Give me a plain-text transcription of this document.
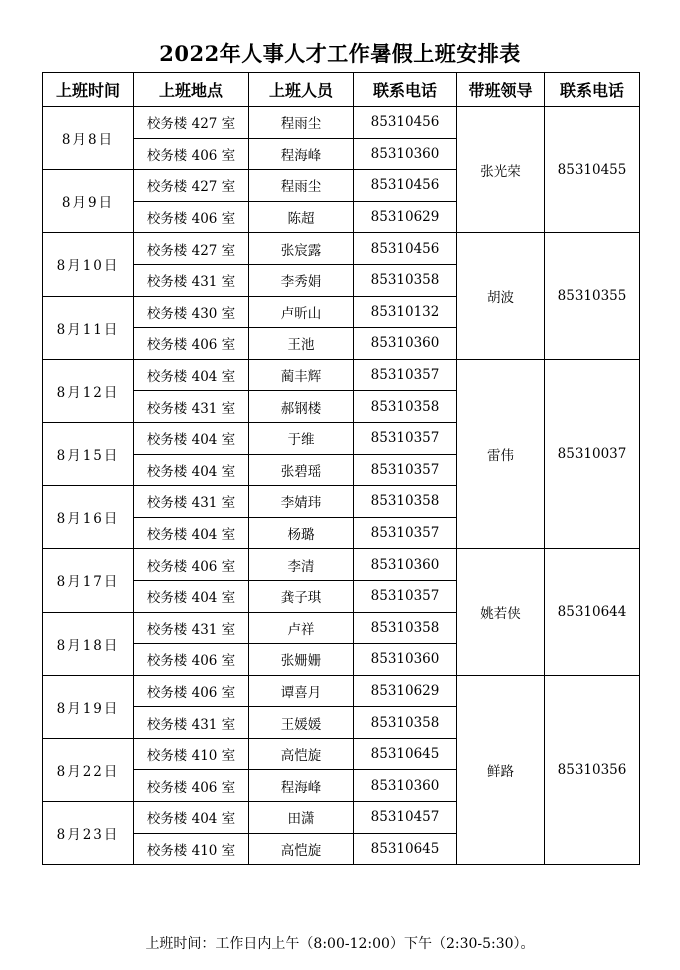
2022年人事人才工作暑假上班安排表
上班时间	上班地点	上班人员	联系电话	带班领导	联系电话
8月8日	校务楼 427 室	程雨尘	85310456	张光荣	85310455
	校务楼 406 室	程海峰	85310360		
8月9日	校务楼 427 室	程雨尘	85310456		
	校务楼 406 室	陈超	85310629		
8月10日	校务楼 427 室	张宸露	85310456	胡波	85310355
	校务楼 431 室	李秀娟	85310358		
8月11日	校务楼 430 室	卢昕山	85310132		
	校务楼 406 室	王池	85310360		
8月12日	校务楼 404 室	蔺丰辉	85310357	雷伟	85310037
	校务楼 431 室	郝钢楼	85310358		
8月15日	校务楼 404 室	于维	85310357		
	校务楼 404 室	张碧瑶	85310357		
8月16日	校务楼 431 室	李婧玮	85310358		
	校务楼 404 室	杨璐	85310357		
8月17日	校务楼 406 室	李清	85310360	姚若侠	85310644
	校务楼 404 室	龚子琪	85310357		
8月18日	校务楼 431 室	卢祥	85310358		
	校务楼 406 室	张姗姗	85310360		
8月19日	校务楼 406 室	谭喜月	85310629	鲜路	85310356
	校务楼 431 室	王媛媛	85310358		
8月22日	校务楼 410 室	高恺旋	85310645		
	校务楼 406 室	程海峰	85310360		
8月23日	校务楼 404 室	田潇	85310457		
	校务楼 410 室	高恺旋	85310645		
上班时间：工作日内上午（8:00-12:00）下午（2:30-5:30）。
